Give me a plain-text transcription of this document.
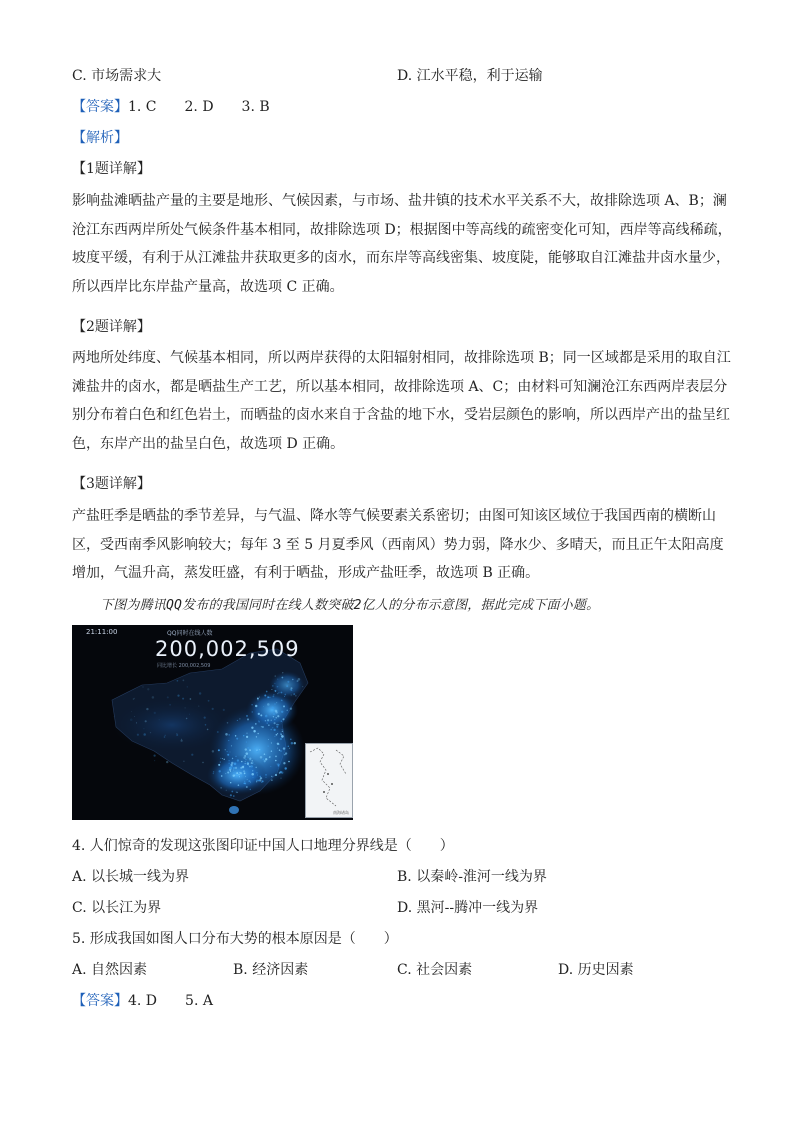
C. 市场需求大	D. 江水平稳，利于运输
【答案】1. C　　2. D　　3. B
【解析】
【1题详解】
影响盐滩晒盐产量的主要是地形、气候因素，与市场、盐井镇的技术水平关系不大，故排除选项 A、B；澜沧江东西两岸所处气候条件基本相同，故排除选项 D；根据图中等高线的疏密变化可知，西岸等高线稀疏，坡度平缓，有利于从江滩盐井获取更多的卤水，而东岸等高线密集、坡度陡，能够取自江滩盐井卤水量少，所以西岸比东岸盐产量高，故选项 C 正确。
【2题详解】
两地所处纬度、气候基本相同，所以两岸获得的太阳辐射相同，故排除选项 B；同一区域都是采用的取自江滩盐井的卤水，都是晒盐生产工艺，所以基本相同，故排除选项 A、C；由材料可知澜沧江东西两岸表层分别分布着白色和红色岩土，而晒盐的卤水来自于含盐的地下水，受岩层颜色的影响，所以西岸产出的盐呈红色，东岸产出的盐呈白色，故选项 D 正确。
【3题详解】
产盐旺季是晒盐的季节差异，与气温、降水等气候要素关系密切；由图可知该区域位于我国西南的横断山区，受西南季风影响较大；每年 3 至 5 月夏季风（西南风）势力弱，降水少、多晴天，而且正午太阳高度增加，气温升高，蒸发旺盛，有利于晒盐，形成产盐旺季，故选项 B 正确。
下图为腾讯QQ发布的我国同时在线人数突破2亿人的分布示意图，据此完成下面小题。
21:11:00	QQ同时在线人数
200,002,509
同比增长 200,002,509
南海诸岛
4. 人们惊奇的发现这张图印证中国人口地理分界线是（　　）
A. 以长城一线为界	B. 以秦岭-淮河一线为界
C. 以长江为界	D. 黑河--腾冲一线为界
5. 形成我国如图人口分布大势的根本原因是（　　）
A. 自然因素	B. 经济因素	C. 社会因素	D. 历史因素
【答案】4. D　　5. A
